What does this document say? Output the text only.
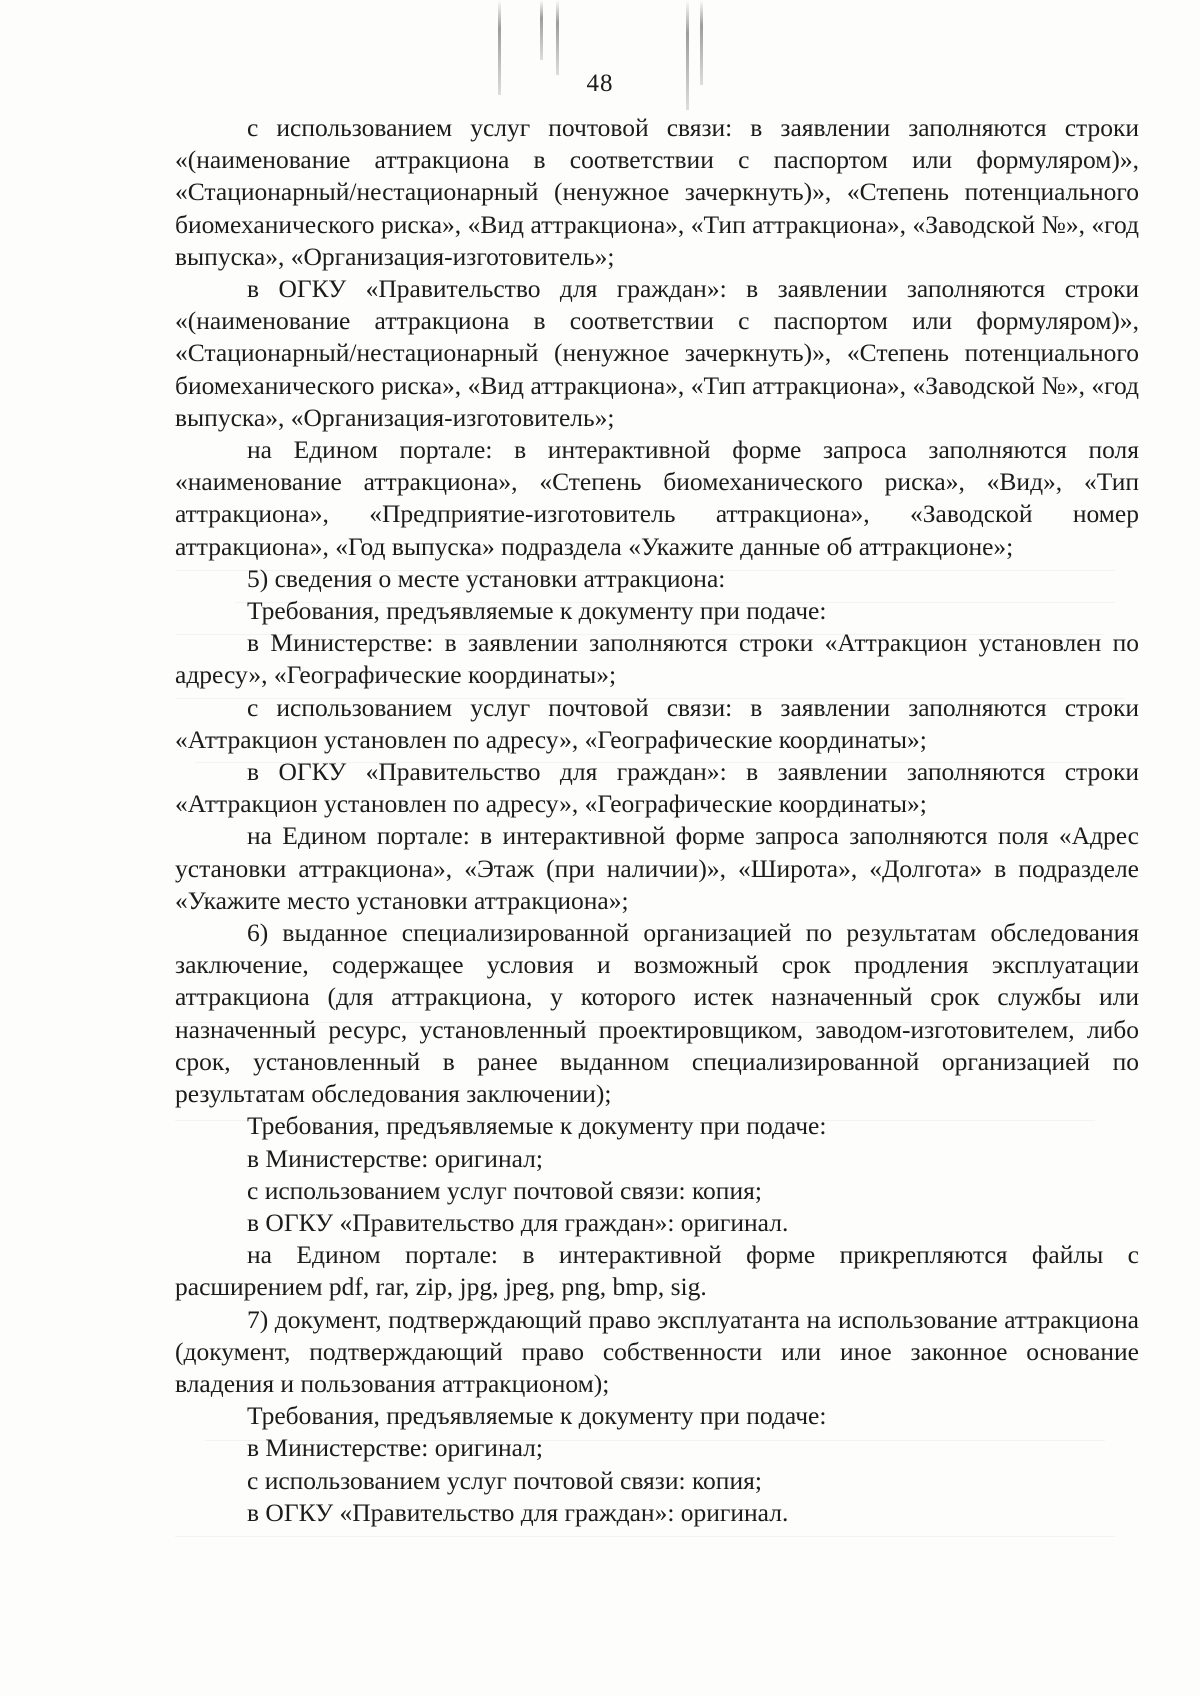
48

с использованием услуг почтовой связи: в заявлении заполняются строки «(наименование аттракциона в соответствии с паспортом или формуляром)», «Стационарный/нестационарный (ненужное зачеркнуть)», «Степень потенциального биомеханического риска», «Вид аттракциона», «Тип аттракциона», «Заводской №», «год выпуска», «Организация-изготовитель»;

в ОГКУ «Правительство для граждан»: в заявлении заполняются строки «(наименование аттракциона в соответствии с паспортом или формуляром)», «Стационарный/нестационарный (ненужное зачеркнуть)», «Степень потенциального биомеханического риска», «Вид аттракциона», «Тип аттракциона», «Заводской №», «год выпуска», «Организация-изготовитель»;

на Едином портале: в интерактивной форме запроса заполняются поля «наименование аттракциона», «Степень биомеханического риска», «Вид», «Тип аттракциона», «Предприятие-изготовитель аттракциона», «Заводской номер аттракциона», «Год выпуска» подраздела «Укажите данные об аттракционе»;

5) сведения о месте установки аттракциона:

Требования, предъявляемые к документу при подаче:

в Министерстве: в заявлении заполняются строки «Аттракцион установлен по адресу», «Географические координаты»;

с использованием услуг почтовой связи: в заявлении заполняются строки «Аттракцион установлен по адресу», «Географические координаты»;

в ОГКУ «Правительство для граждан»: в заявлении заполняются строки «Аттракцион установлен по адресу», «Географические координаты»;

на Едином портале: в интерактивной форме запроса заполняются поля «Адрес установки аттракциона», «Этаж (при наличии)», «Широта», «Долгота» в подразделе «Укажите место установки аттракциона»;

6) выданное специализированной организацией по результатам обследования заключение, содержащее условия и возможный срок продления эксплуатации аттракциона (для аттракциона, у которого истек назначенный срок службы или назначенный ресурс, установленный проектировщиком, заводом-изготовителем, либо срок, установленный в ранее выданном специализированной организацией по результатам обследования заключении);

Требования, предъявляемые к документу при подаче:

в Министерстве: оригинал;

с использованием услуг почтовой связи: копия;

в ОГКУ «Правительство для граждан»: оригинал.

на Едином портале: в интерактивной форме прикрепляются файлы с расширением pdf, rar, zip, jpg, jpeg, png, bmp, sig.

7) документ, подтверждающий право эксплуатанта на использование аттракциона (документ, подтверждающий право собственности или иное законное основание владения и пользования аттракционом);

Требования, предъявляемые к документу при подаче:

в Министерстве: оригинал;

с использованием услуг почтовой связи: копия;

в ОГКУ «Правительство для граждан»: оригинал.
